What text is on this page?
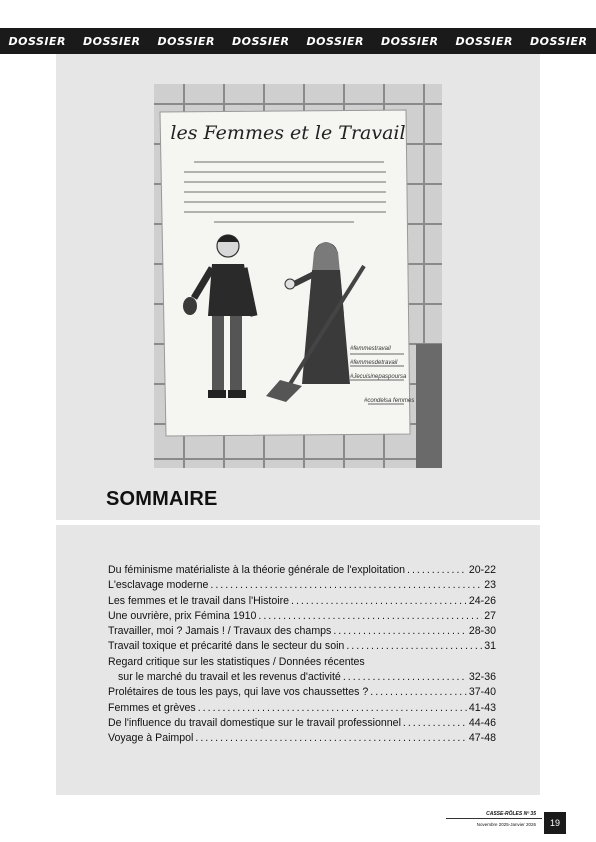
DOSSIER DOSSIER DOSSIER DOSSIER DOSSIER DOSSIER DOSSIER DOSSIER
les Femmes et le Travail
#femmestravail
#femmesdetravail
#Jecuisinepaspoursa
#condelsa femmes
SOMMAIRE
Du féminisme matérialiste à la théorie générale de l'exploitation .....	20-22
L'esclavage moderne .....	23
Les femmes et le travail dans l'Histoire .....	24-26
Une ouvrière, prix Fémina 1910 .....	27
Travailler, moi ? Jamais ! / Travaux des champs .....	28-30
Travail toxique et précarité dans le secteur du soin .....	31
Regard critique sur les statistiques / Données récentes
sur le marché du travail et les revenus d'activité .....	32-36
Prolétaires de tous les pays, qui lave vos chaussettes ? .....	37-40
Femmes et grèves .....	41-43
De l'influence du travail domestique sur le travail professionnel .....	44-46
Voyage à Paimpol .....	47-48
CASSE-RÔLES Nº 35
Novembre 2025-Janvier 2026	19
